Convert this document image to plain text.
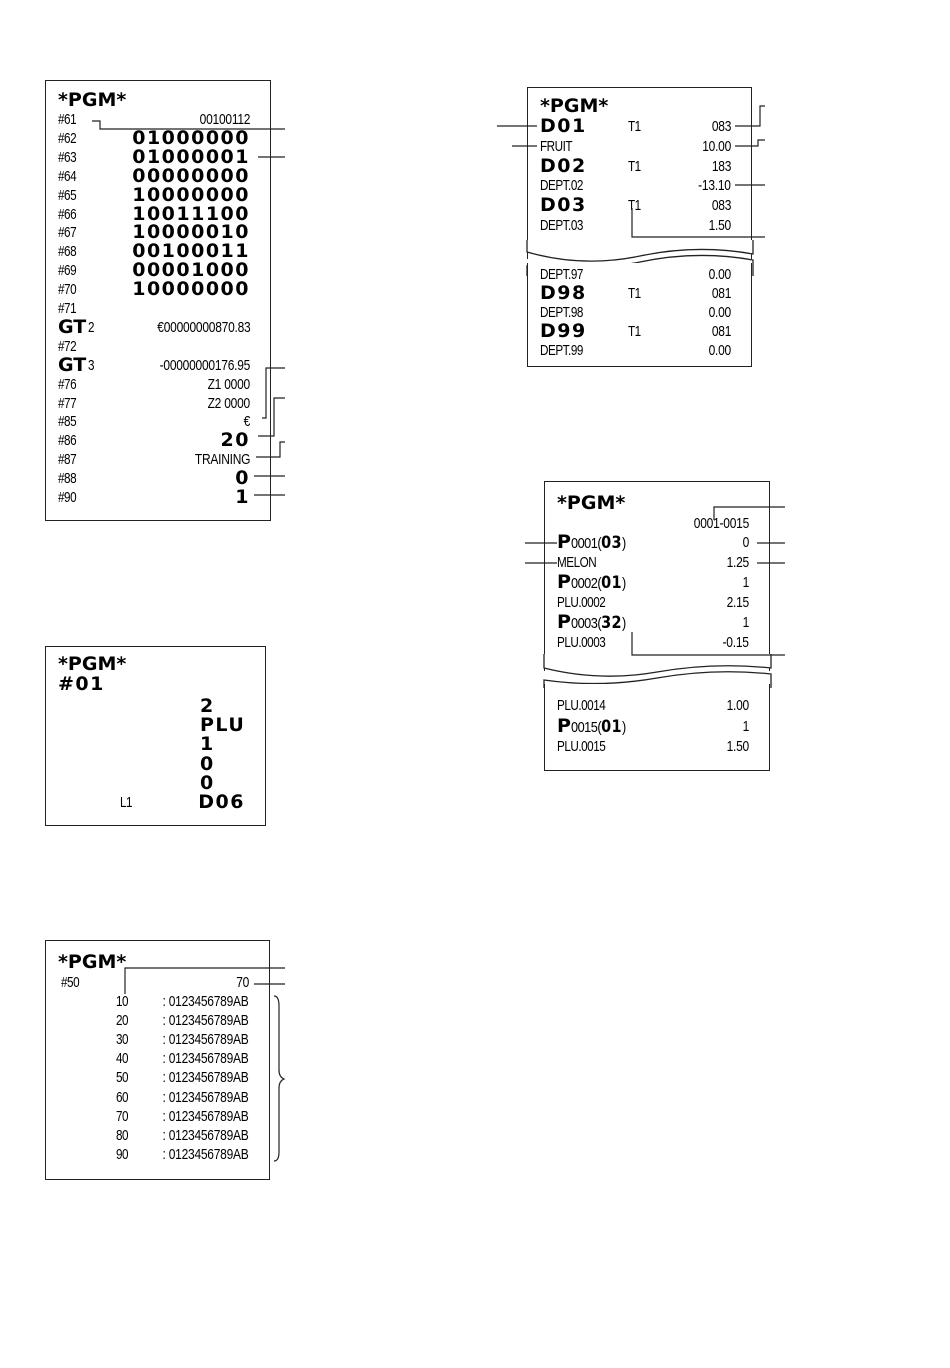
*PGM*
#61	00100112
#62	01000000
#63	01000001
#64	00000000
#65	10000000
#66	10011100
#67	10000010
#68	00100011
#69	00001000
#70	10000000
#71
GT 2	€00000000870.83
#72
GT 3	-00000000176.95
#76	Z1 0000
#77	Z2 0000
#85	€
#86	20
#87	TRAINING
#88	0
#90	1
*PGM*
#01
2
PLU
1
0
0
L1	D06
*PGM*
#50	70
10 : 0123456789AB
20 : 0123456789AB
30 : 0123456789AB
40 : 0123456789AB
50 : 0123456789AB
60 : 0123456789AB
70 : 0123456789AB
80 : 0123456789AB
90 : 0123456789AB
*PGM*
D01	T1	083
FRUIT	10.00
D02	T1	183
DEPT.02	-13.10
D03	T1	083
DEPT.03	1.50
DEPT.97	0.00
D98	T1	081
DEPT.98	0.00
D99	T1	081
DEPT.99	0.00
*PGM*
0001-0015
P0001(03)	0
MELON	1.25
P0002(01)	1
PLU.0002	2.15
P0003(32)	1
PLU.0003	-0.15
PLU.0014	1.00
P0015(01)	1
PLU.0015	1.50
